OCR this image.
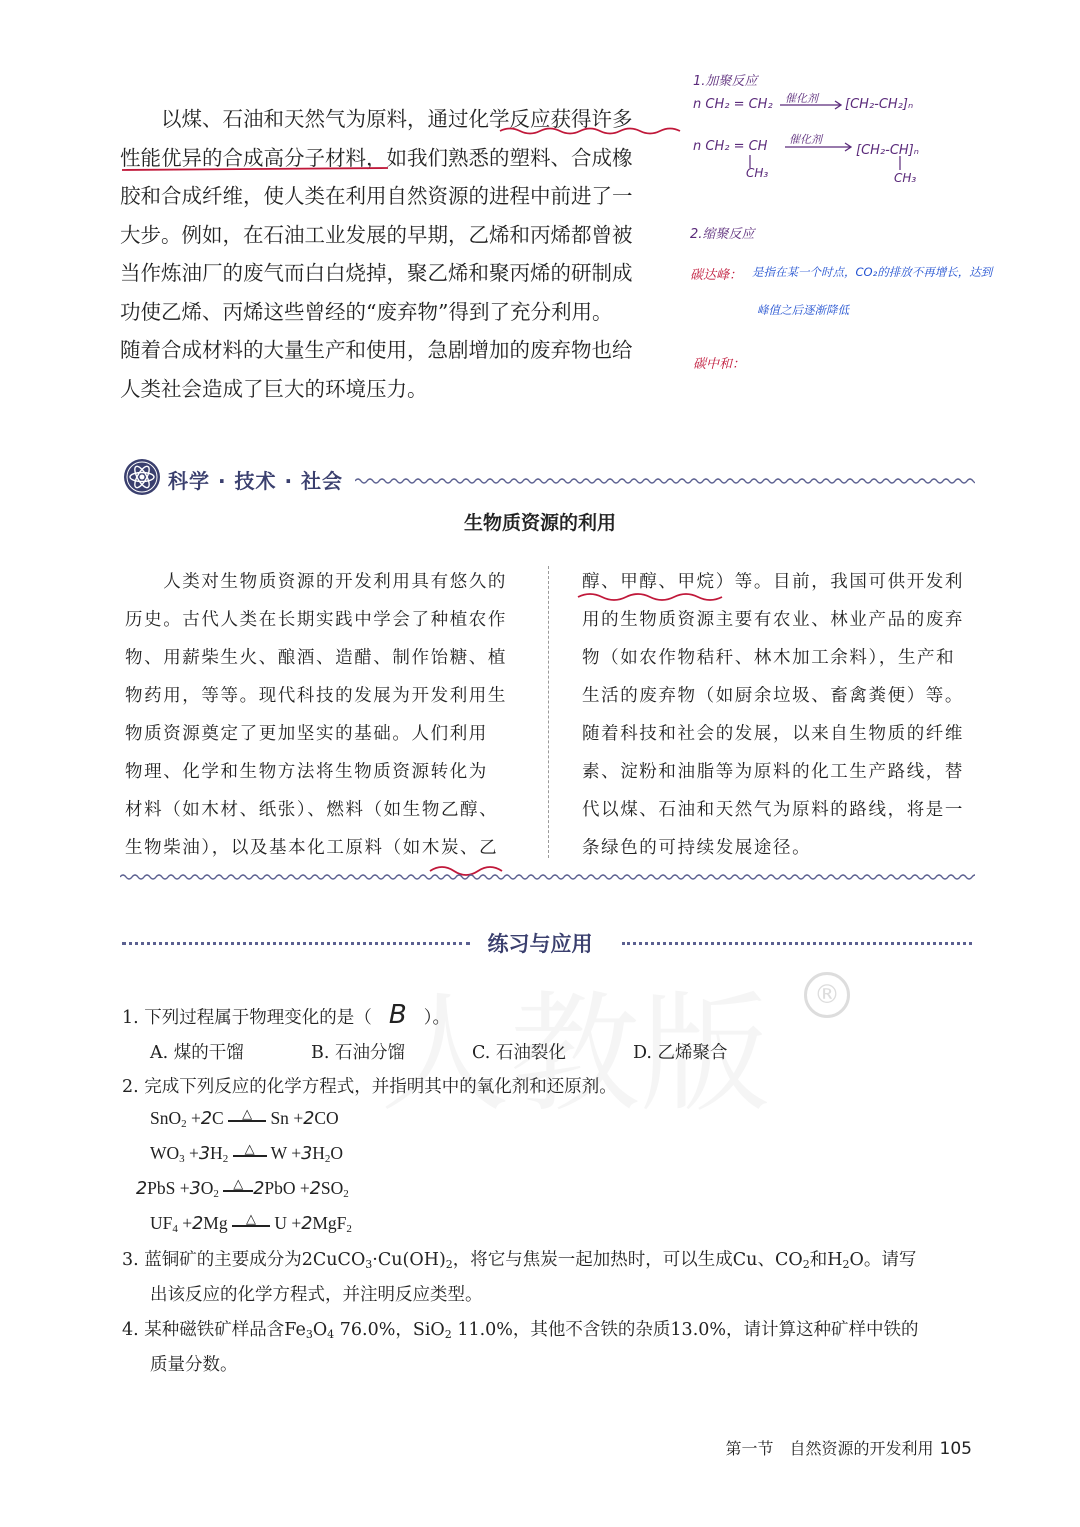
®
以煤、石油和天然气为原料，通过化学反应获得许多
性能优异的合成高分子材料，如我们熟悉的塑料、合成橡
胶和合成纤维，使人类在利用自然资源的进程中前进了一
大步。例如，在石油工业发展的早期，乙烯和丙烯都曾被
当作炼油厂的废气而白白烧掉，聚乙烯和聚丙烯的研制成
功使乙烯、丙烯这些曾经的“废弃物”得到了充分利用。
随着合成材料的大量生产和使用，急剧增加的废弃物也给
人类社会造成了巨大的环境压力。
1.加聚反应
n CH₂ = CH₂ 催化剂 [CH₂-CH₂]ₙ
n CH₂ = CH 催化剂
[CH₂-CH]ₙ
CH₃	CH₃
2.缩聚反应
碳达峰： 是指在某一个时点，CO₂的排放不再增长，达到
峰值之后逐渐降低
碳中和：
科学 · 技术 · 社会
生物质资源的利用
　　人类对生物质资源的开发利用具有悠久的
历史。古代人类在长期实践中学会了种植农作
物、用薪柴生火、酿酒、造醋、制作饴糖、植
物药用，等等。现代科技的发展为开发利用生
物质资源奠定了更加坚实的基础。人们利用
物理、化学和生物方法将生物质资源转化为
材料（如木材、纸张）、燃料（如生物乙醇、
生物柴油），以及基本化工原料（如木炭、乙
醇、甲醇、甲烷）等。目前，我国可供开发利
用的生物质资源主要有农业、林业产品的废弃
物（如农作物秸秆、林木加工余料），生产和
生活的废弃物（如厨余垃圾、畜禽粪便）等。
随着科技和社会的发展，以来自生物质的纤维
素、淀粉和油脂等为原料的化工生产路线，替
代以煤、石油和天然气为原料的路线，将是一
条绿色的可持续发展途径。
练习与应用
1. 下列过程属于物理变化的是（ B ）。
A. 煤的干馏	B. 石油分馏	C. 石油裂化	D. 乙烯聚合
2. 完成下列反应的化学方程式，并指明其中的氧化剂和还原剂。
SnO$_2$ +2C △ Sn +2CO
$WO_3 +3H_2$ △ $W +3H_2O$
$2PbS +3O_2$ △ $2PbO +2SO_2$
$UF_4 +2Mg$ △ U +2MgF$_2$
3. 蓝铜矿的主要成分为$2CuCO_3\cdot Cu(OH)_2$，将它与焦炭一起加热时，可以生成Cu、$CO_2$和$H_2O$。请写
出该反应的化学方程式，并注明反应类型。
4. 某种磁铁矿样品含$Fe_3O_4$ 76.0%，SiO$_2$ 11.0%，其他不含铁的杂质13.0%，请计算这种矿样中铁的
质量分数。
第一节　自然资源的开发利用 105
